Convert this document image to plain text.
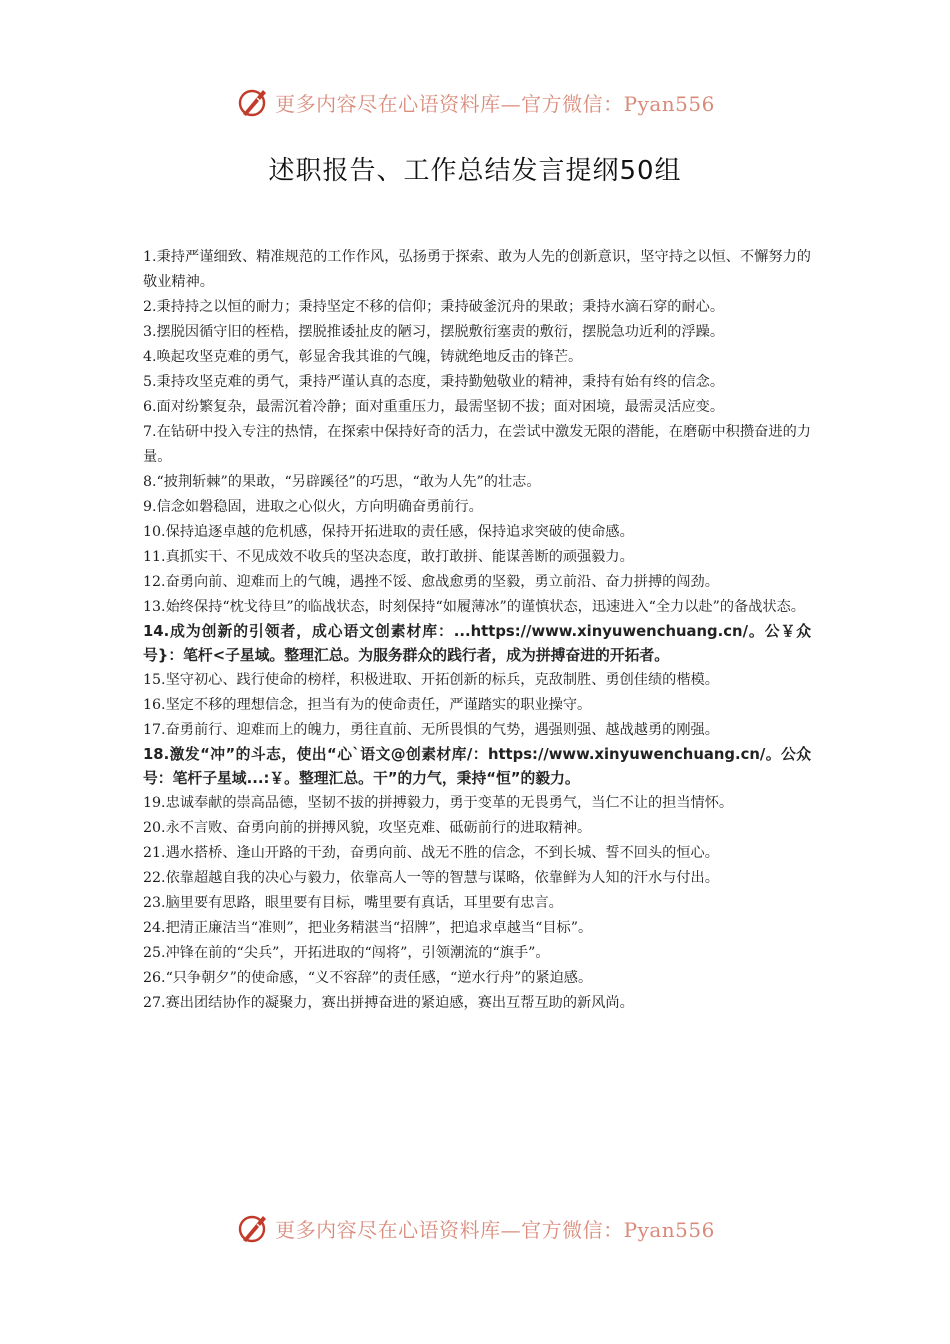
更多内容尽在心语资料库—官方微信：Pyan556
述职报告、工作总结发言提纲50组

1.秉持严谨细致、精准规范的工作作风，弘扬勇于探索、敢为人先的创新意识，坚守持之以恒、不懈努力的敬业精神。

2.秉持持之以恒的耐力；秉持坚定不移的信仰；秉持破釜沉舟的果敢；秉持水滴石穿的耐心。

3.摆脱因循守旧的桎梏，摆脱推诿扯皮的陋习，摆脱敷衍塞责的敷衍，摆脱急功近利的浮躁。

4.唤起攻坚克难的勇气，彰显舍我其谁的气魄，铸就绝地反击的锋芒。

5.秉持攻坚克难的勇气，秉持严谨认真的态度，秉持勤勉敬业的精神，秉持有始有终的信念。

6.面对纷繁复杂，最需沉着冷静；面对重重压力，最需坚韧不拔；面对困境，最需灵活应变。

7.在钻研中投入专注的热情，在探索中保持好奇的活力，在尝试中激发无限的潜能，在磨砺中积攒奋进的力量。

8.“披荆斩棘”的果敢，“另辟蹊径”的巧思，“敢为人先”的壮志。

9.信念如磐稳固，进取之心似火，方向明确奋勇前行。

10.保持追逐卓越的危机感，保持开拓进取的责任感，保持追求突破的使命感。

11.真抓实干、不见成效不收兵的坚决态度，敢打敢拼、能谋善断的顽强毅力。

12.奋勇向前、迎难而上的气魄，遇挫不馁、愈战愈勇的坚毅，勇立前沿、奋力拼搏的闯劲。

13.始终保持“枕戈待旦”的临战状态，时刻保持“如履薄冰”的谨慎状态，迅速进入“全力以赴”的备战状态。

14.成为创新的引领者，成心语文创素材库：...https://www.xinyuwenchuang.cn/。公￥众号}：笔杆<子星域。整理汇总。为服务群众的践行者，成为拼搏奋进的开拓者。

15.坚守初心、践行使命的榜样，积极进取、开拓创新的标兵，克敌制胜、勇创佳绩的楷模。

16.坚定不移的理想信念，担当有为的使命责任，严谨踏实的职业操守。

17.奋勇前行、迎难而上的魄力，勇往直前、无所畏惧的气势，遇强则强、越战越勇的刚强。

18.激发“冲”的斗志，使出“心`语文@创素材库/：https://www.xinyuwenchuang.cn/。公众号：笔杆子星域...:￥。整理汇总。干”的力气，秉持“恒”的毅力。

19.忠诚奉献的崇高品德，坚韧不拔的拼搏毅力，勇于变革的无畏勇气，当仁不让的担当情怀。

20.永不言败、奋勇向前的拼搏风貌，攻坚克难、砥砺前行的进取精神。

21.遇水搭桥、逢山开路的干劲，奋勇向前、战无不胜的信念，不到长城、誓不回头的恒心。

22.依靠超越自我的决心与毅力，依靠高人一等的智慧与谋略，依靠鲜为人知的汗水与付出。

23.脑里要有思路，眼里要有目标，嘴里要有真话，耳里要有忠言。

24.把清正廉洁当“准则”，把业务精湛当“招牌”，把追求卓越当“目标”。

25.冲锋在前的“尖兵”，开拓进取的“闯将”，引领潮流的“旗手”。

26.“只争朝夕”的使命感，“义不容辞”的责任感，“逆水行舟”的紧迫感。

27.赛出团结协作的凝聚力，赛出拼搏奋进的紧迫感，赛出互帮互助的新风尚。

更多内容尽在心语资料库—官方微信：Pyan556
